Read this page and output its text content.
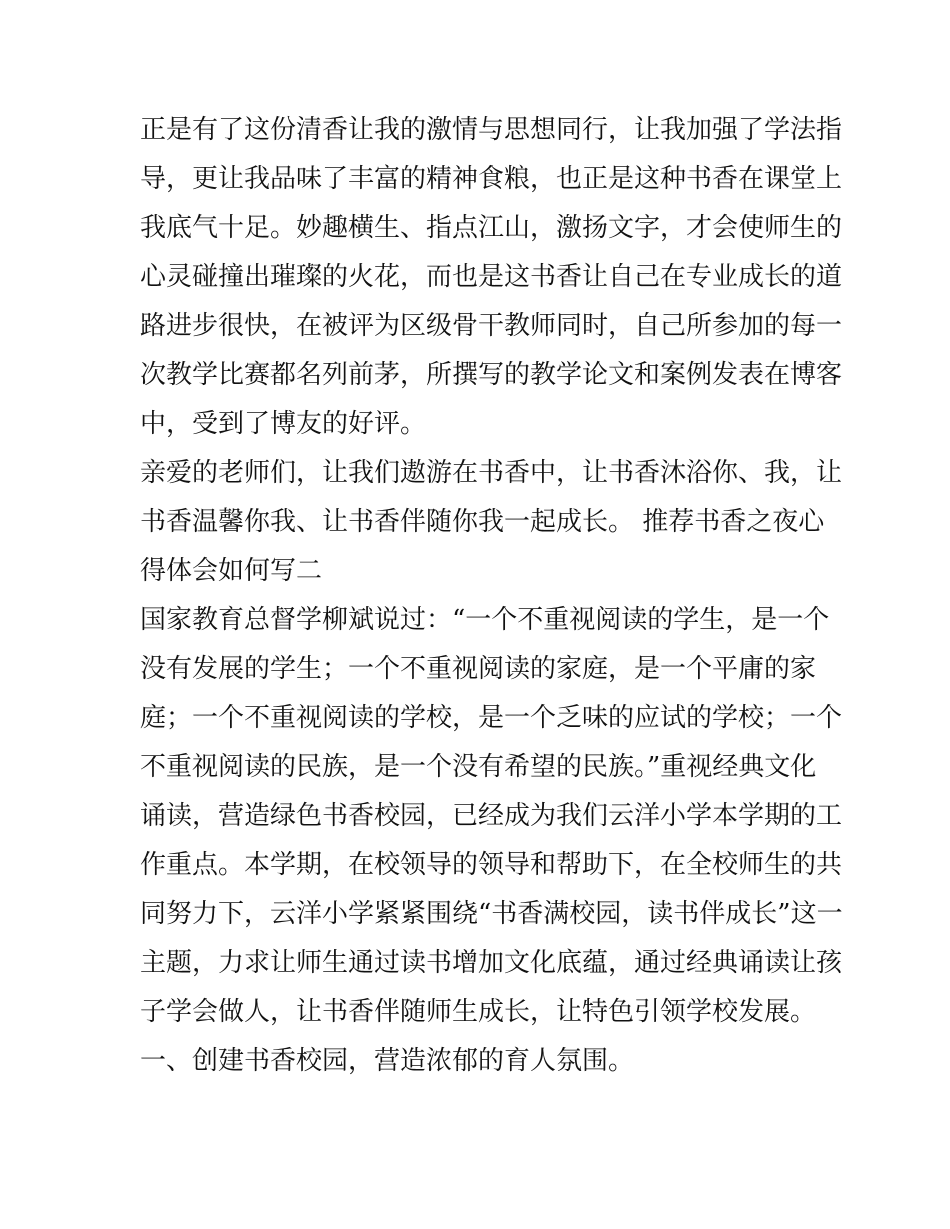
正是有了这份清香让我的激情与思想同行，让我加强了学法指
导，更让我品味了丰富的精神食粮，也正是这种书香在课堂上
我底气十足。妙趣横生、指点江山，激扬文字，才会使师生的
心灵碰撞出璀璨的火花，而也是这书香让自己在专业成长的道
路进步很快，在被评为区级骨干教师同时，自己所参加的每一
次教学比赛都名列前茅，所撰写的教学论文和案例发表在博客
中，受到了博友的好评。
亲爱的老师们，让我们遨游在书香中，让书香沐浴你、我，让
书香温馨你我、让书香伴随你我一起成长。 推荐书香之夜心
得体会如何写二
国家教育总督学柳斌说过：“一个不重视阅读的学生，是一个
没有发展的学生；一个不重视阅读的家庭，是一个平庸的家
庭；一个不重视阅读的学校，是一个乏味的应试的学校；一个
不重视阅读的民族，是一个没有希望的民族。”重视经典文化
诵读，营造绿色书香校园，已经成为我们云洋小学本学期的工
作重点。本学期，在校领导的领导和帮助下，在全校师生的共
同努力下，云洋小学紧紧围绕“书香满校园，读书伴成长”这一
主题，力求让师生通过读书增加文化底蕴，通过经典诵读让孩
子学会做人，让书香伴随师生成长，让特色引领学校发展。
一、创建书香校园，营造浓郁的育人氛围。
